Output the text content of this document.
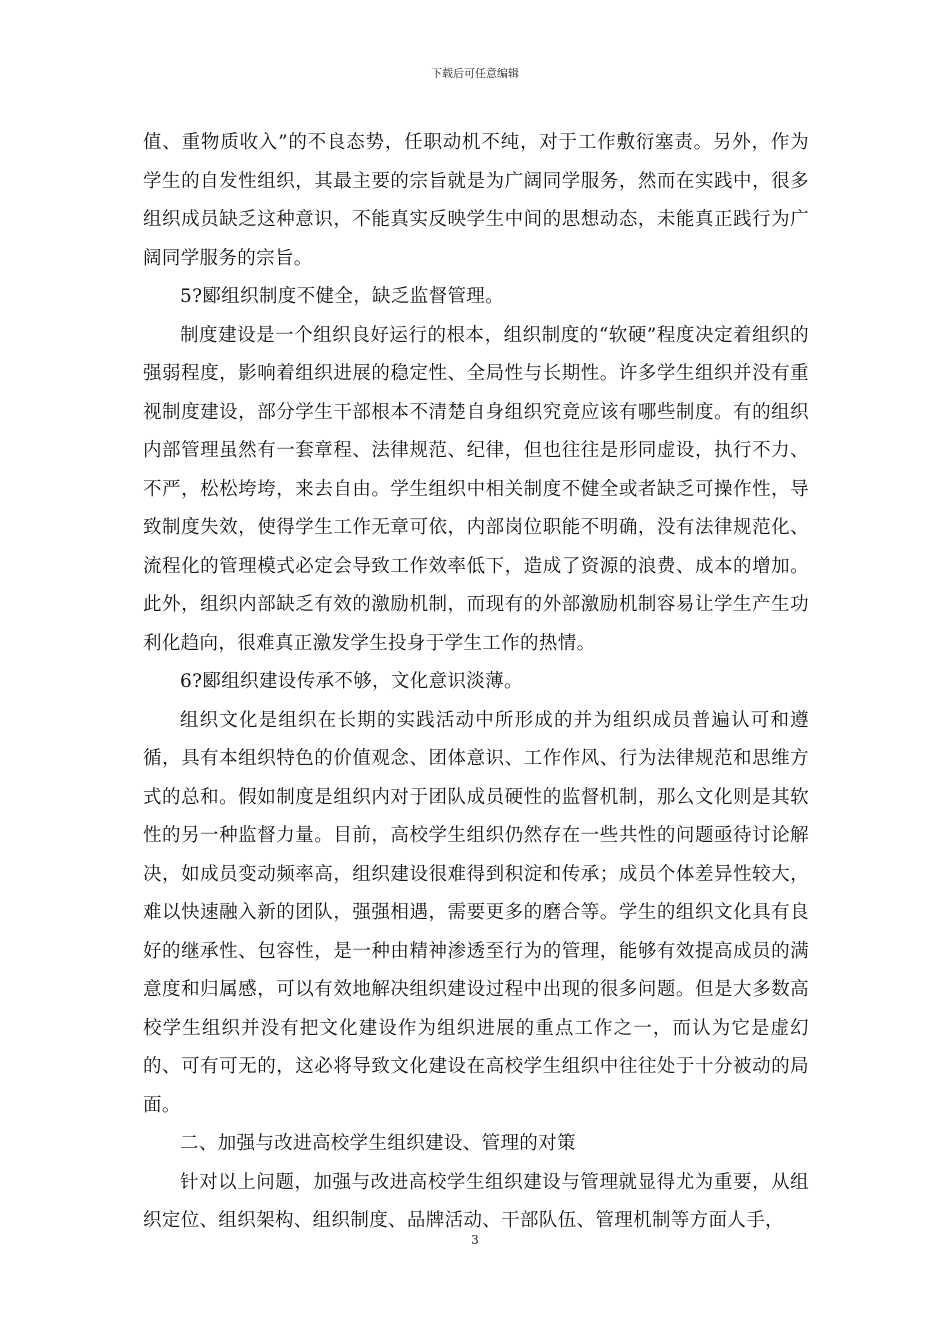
下载后可任意编辑

值、重物质收入”的不良态势，任职动机不纯，对于工作敷衍塞责。另外，作为学生的自发性组织，其最主要的宗旨就是为广阔同学服务，然而在实践中，很多组织成员缺乏这种意识，不能真实反映学生中间的思想动态，未能真正践行为广阔同学服务的宗旨。

5?郾组织制度不健全，缺乏监督管理。

制度建设是一个组织良好运行的根本，组织制度的“软硬”程度决定着组织的强弱程度，影响着组织进展的稳定性、全局性与长期性。许多学生组织并没有重视制度建设，部分学生干部根本不清楚自身组织究竟应该有哪些制度。有的组织内部管理虽然有一套章程、法律规范、纪律，但也往往是形同虚设，执行不力、不严，松松垮垮，来去自由。学生组织中相关制度不健全或者缺乏可操作性，导致制度失效，使得学生工作无章可依，内部岗位职能不明确，没有法律规范化、流程化的管理模式必定会导致工作效率低下，造成了资源的浪费、成本的增加。此外，组织内部缺乏有效的激励机制，而现有的外部激励机制容易让学生产生功利化趋向，很难真正激发学生投身于学生工作的热情。

6?郾组织建设传承不够，文化意识淡薄。

组织文化是组织在长期的实践活动中所形成的并为组织成员普遍认可和遵循，具有本组织特色的价值观念、团体意识、工作作风、行为法律规范和思维方式的总和。假如制度是组织内对于团队成员硬性的监督机制，那么文化则是其软性的另一种监督力量。目前，高校学生组织仍然存在一些共性的问题亟待讨论解决，如成员变动频率高，组织建设很难得到积淀和传承；成员个体差异性较大，难以快速融入新的团队，强强相遇，需要更多的磨合等。学生的组织文化具有良好的继承性、包容性，是一种由精神渗透至行为的管理，能够有效提高成员的满意度和归属感，可以有效地解决组织建设过程中出现的很多问题。但是大多数高校学生组织并没有把文化建设作为组织进展的重点工作之一，而认为它是虚幻的、可有可无的，这必将导致文化建设在高校学生组织中往往处于十分被动的局面。

二、加强与改进高校学生组织建设、管理的对策

针对以上问题，加强与改进高校学生组织建设与管理就显得尤为重要，从组织定位、组织架构、组织制度、品牌活动、干部队伍、管理机制等方面人手，

3
